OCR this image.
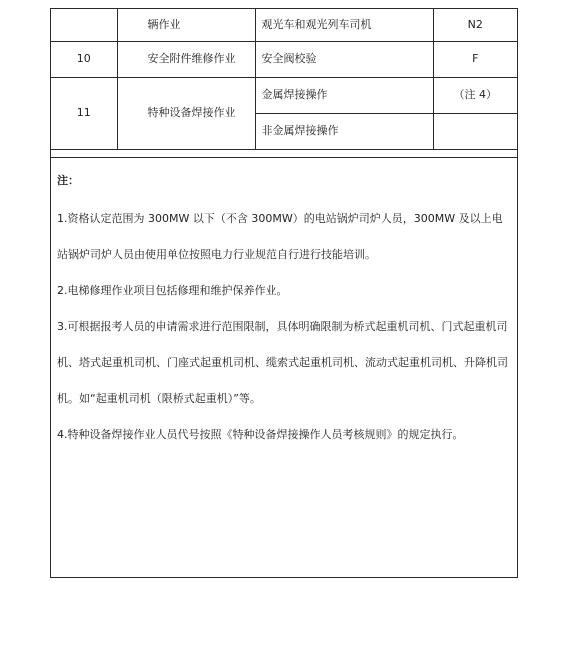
	辆作业	观光车和观光列车司机	N2
10	安全附件维修作业	安全阀校验	F
11	特种设备焊接作业	金属焊接操作	（注 4）
		非金属焊接操作	
注：

1.资格认定范围为 300MW 以下（不含 300MW）的电站锅炉司炉人员，300MW 及以上电站锅炉司炉人员由使用单位按照电力行业规范自行进行技能培训。

2.电梯修理作业项目包括修理和维护保养作业。

3.可根据报考人员的申请需求进行范围限制，具体明确限制为桥式起重机司机、门式起重机司机、塔式起重机司机、门座式起重机司机、缆索式起重机司机、流动式起重机司机、升降机司机。如“起重机司机（限桥式起重机）”等。

4.特种设备焊接作业人员代号按照《特种设备焊接操作人员考核规则》的规定执行。
